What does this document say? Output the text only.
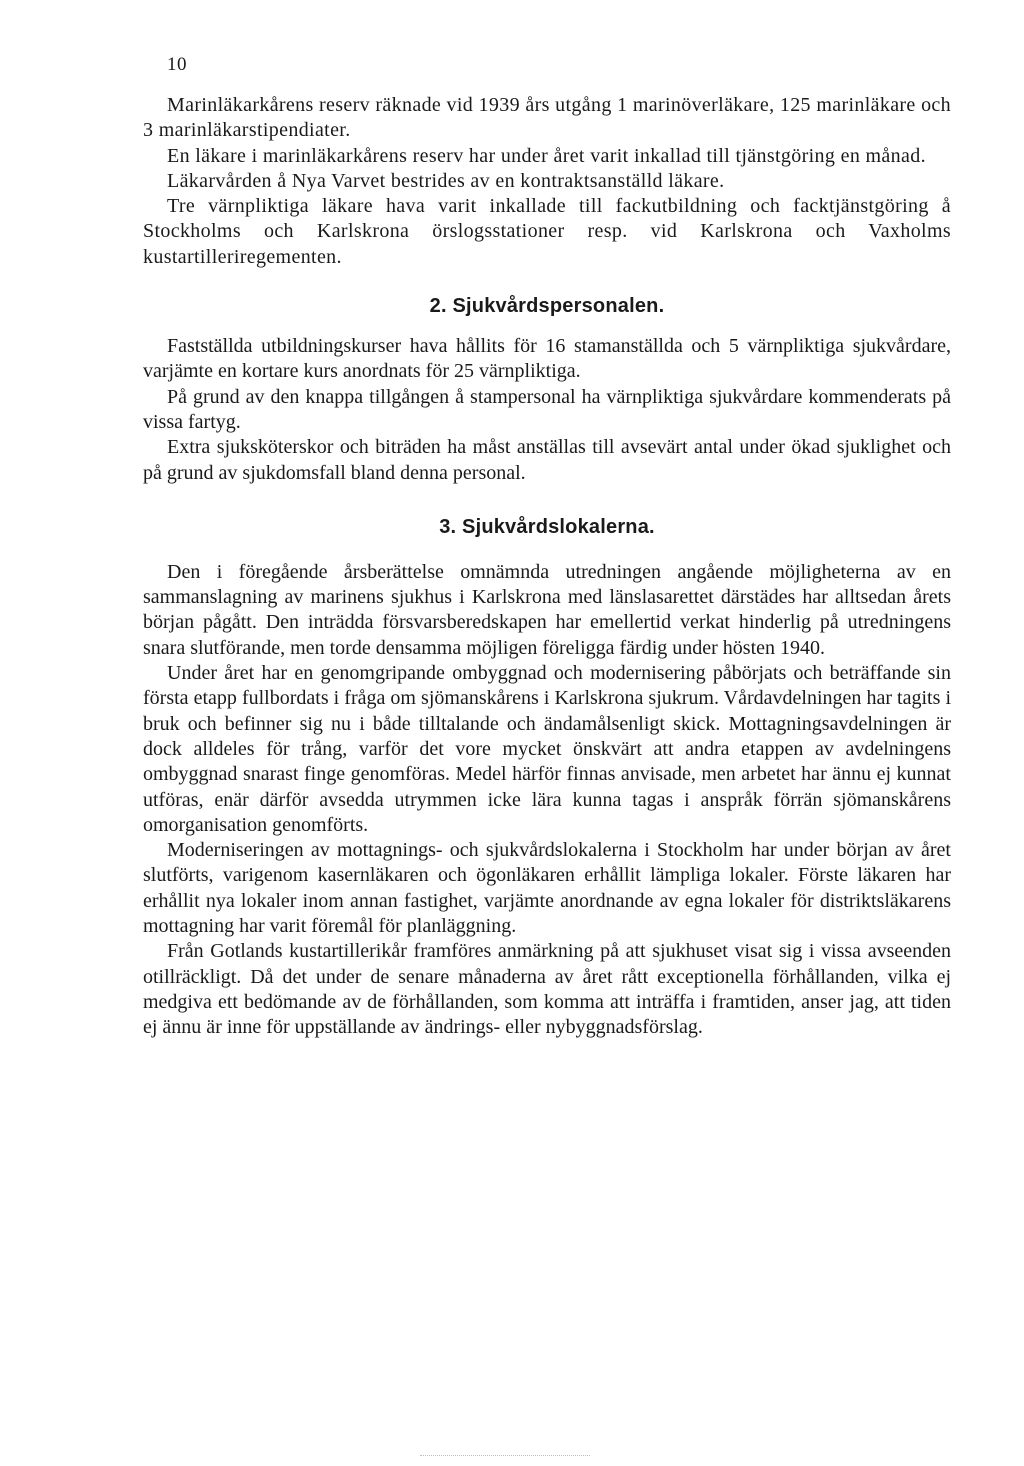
10

Marinläkarkårens reserv räknade vid 1939 års utgång 1 marinöverläkare, 125 marinläkare och 3 marinläkarstipendiater.

En läkare i marinläkarkårens reserv har under året varit inkallad till tjänstgöring en månad.

Läkarvården å Nya Varvet bestrides av en kontraktsanställd läkare.

Tre värnpliktiga läkare hava varit inkallade till fackutbildning och facktjänstgöring å Stockholms och Karlskrona örslogsstationer resp. vid Karlskrona och Vaxholms kustartilleriregementen.

2. Sjukvårdspersonalen.

Fastställda utbildningskurser hava hållits för 16 stamanställda och 5 värnpliktiga sjukvårdare, varjämte en kortare kurs anordnats för 25 värnpliktiga.

På grund av den knappa tillgången å stampersonal ha värnpliktiga sjukvårdare kommenderats på vissa fartyg.

Extra sjuksköterskor och biträden ha måst anställas till avsevärt antal under ökad sjuklighet och på grund av sjukdomsfall bland denna personal.

3. Sjukvårdslokalerna.

Den i föregående årsberättelse omnämnda utredningen angående möjligheterna av en sammanslagning av marinens sjukhus i Karlskrona med länslasarettet därstädes har alltsedan årets början pågått. Den inträdda försvarsberedskapen har emellertid verkat hinderlig på utredningens snara slutförande, men torde densamma möjligen föreligga färdig under hösten 1940.

Under året har en genomgripande ombyggnad och modernisering påbörjats och beträffande sin första etapp fullbordats i fråga om sjömanskårens i Karlskrona sjukrum. Vårdavdelningen har tagits i bruk och befinner sig nu i både tilltalande och ändamålsenligt skick. Mottagningsavdelningen är dock alldeles för trång, varför det vore mycket önskvärt att andra etappen av avdelningens ombyggnad snarast finge genomföras. Medel härför finnas anvisade, men arbetet har ännu ej kunnat utföras, enär därför avsedda utrymmen icke lära kunna tagas i anspråk förrän sjömanskårens omorganisation genomförts.

Moderniseringen av mottagnings- och sjukvårdslokalerna i Stockholm har under början av året slutförts, varigenom kasernläkaren och ögonläkaren erhållit lämpliga lokaler. Förste läkaren har erhållit nya lokaler inom annan fastighet, varjämte anordnande av egna lokaler för distriktsläkarens mottagning har varit föremål för planläggning.

Från Gotlands kustartillerikår framföres anmärkning på att sjukhuset visat sig i vissa avseenden otillräckligt. Då det under de senare månaderna av året rått exceptionella förhållanden, vilka ej medgiva ett bedömande av de förhållanden, som komma att inträffa i framtiden, anser jag, att tiden ej ännu är inne för uppställande av ändrings- eller nybyggnadsförslag.
